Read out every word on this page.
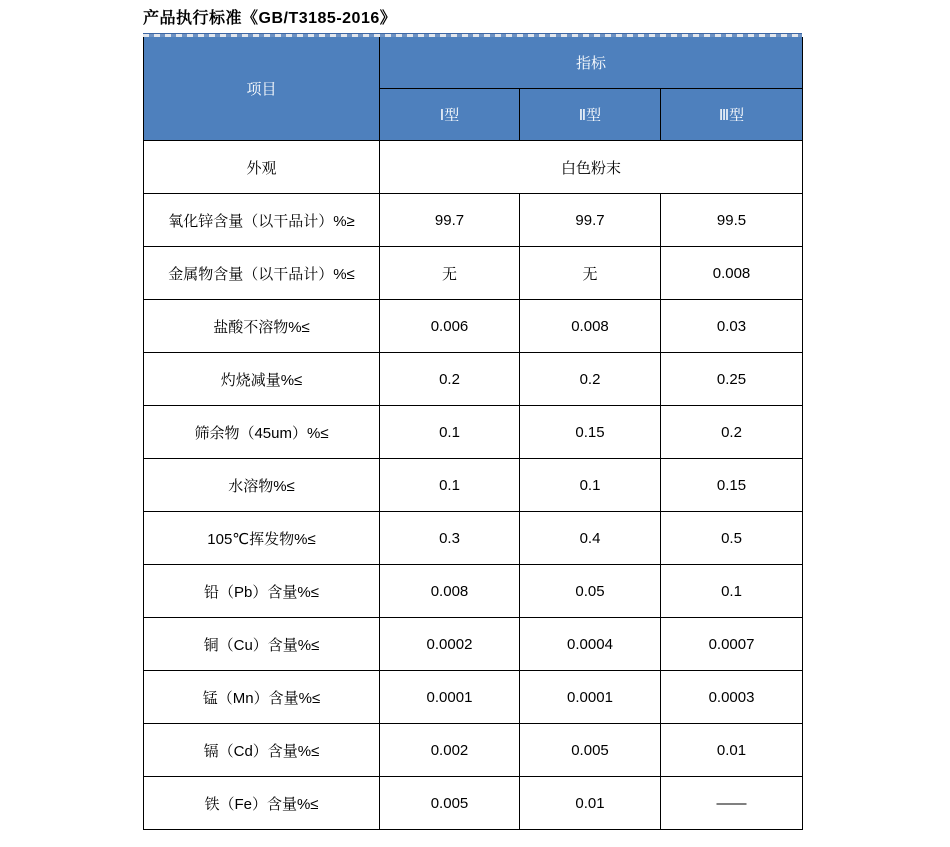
产品执行标准《GB/T3185-2016》
项目	指标		
	Ⅰ型	Ⅱ型	Ⅲ型
外观	白色粉末		
氧化锌含量（以干品计）%≥	99.7	99.7	99.5
金属物含量（以干品计）%≤	无	无	0.008
盐酸不溶物%≤	0.006	0.008	0.03
灼烧减量%≤	0.2	0.2	0.25
筛余物（45um）%≤	0.1	0.15	0.2
水溶物%≤	0.1	0.1	0.15
105℃挥发物%≤	0.3	0.4	0.5
铅（Pb）含量%≤	0.008	0.05	0.1
铜（Cu）含量%≤	0.0002	0.0004	0.0007
锰（Mn）含量%≤	0.0001	0.0001	0.0003
镉（Cd）含量%≤	0.002	0.005	0.01
铁（Fe）含量%≤	0.005	0.01	——
